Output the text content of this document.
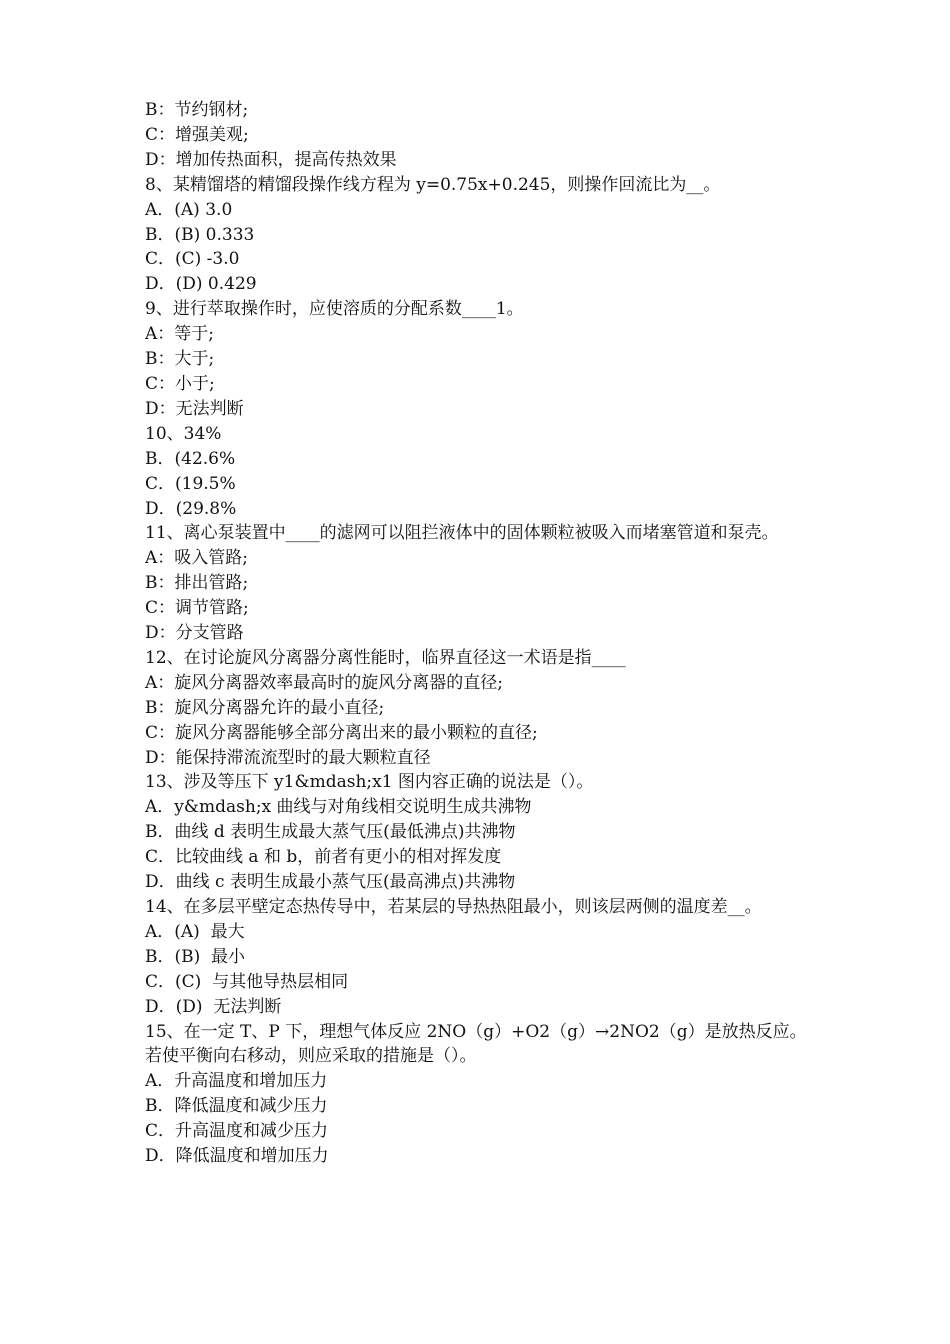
B：节约钢材;

C：增强美观;

D：增加传热面积，提高传热效果

8、某精馏塔的精馏段操作线方程为 y=0.75x+0.245，则操作回流比为__。

A．(A) 3.0

B．(B) 0.333

C．(C) -3.0

D．(D) 0.429

9、进行萃取操作时，应使溶质的分配系数____1。

A：等于;

B：大于;

C：小于;

D：无法判断

10、34%

B．(42.6%

C．(19.5%

D．(29.8%

11、离心泵装置中____的滤网可以阻拦液体中的固体颗粒被吸入而堵塞管道和泵壳。

A：吸入管路;

B：排出管路;

C：调节管路;

D：分支管路

12、在讨论旋风分离器分离性能时，临界直径这一术语是指____

A：旋风分离器效率最高时的旋风分离器的直径;

B：旋风分离器允许的最小直径;

C：旋风分离器能够全部分离出来的最小颗粒的直径;

D：能保持滞流流型时的最大颗粒直径

13、涉及等压下 y1&mdash;x1 图内容正确的说法是（）。

A．y&mdash;x 曲线与对角线相交说明生成共沸物

B．曲线 d 表明生成最大蒸气压(最低沸点)共沸物

C．比较曲线 a 和 b，前者有更小的相对挥发度

D．曲线 c 表明生成最小蒸气压(最高沸点)共沸物

14、在多层平壁定态热传导中，若某层的导热热阻最小，则该层两侧的温度差__。

A．(A)  最大

B．(B)  最小

C．(C)  与其他导热层相同

D．(D)  无法判断

15、在一定 T、P 下，理想气体反应 2NO（g）+O2（g）→2NO2（g）是放热反应。若使平衡向右移动，则应采取的措施是（）。

A．升高温度和增加压力

B．降低温度和减少压力

C．升高温度和减少压力

D．降低温度和增加压力
